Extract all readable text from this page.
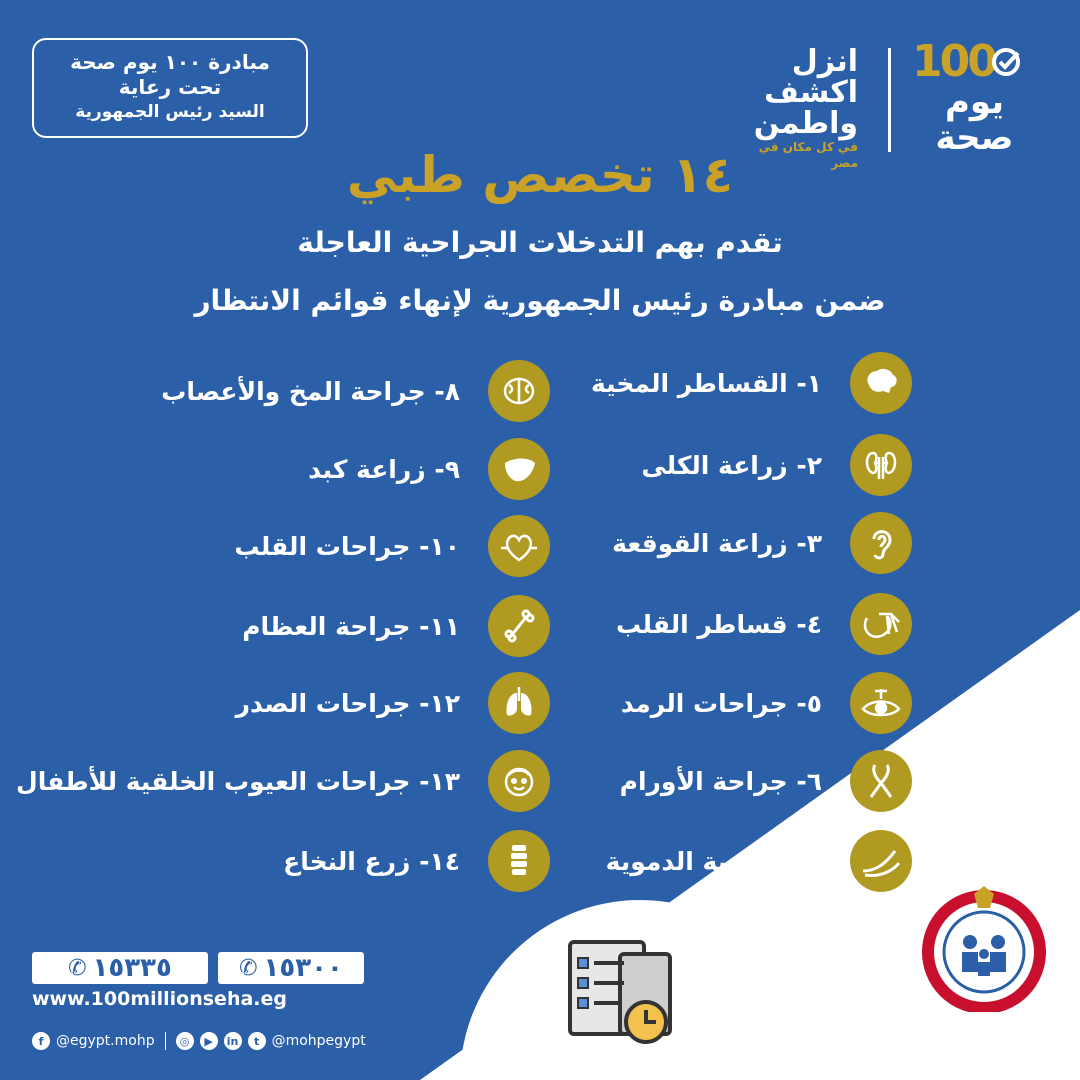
مبادرة ١٠٠ يوم صحة
تحت رعاية
السيد رئيس الجمهورية
انزل
اكشف
واطمن
في كل مكان في مصر
100
يوم
صحة
١٤ تخصص طبي
تقدم بهم التدخلات الجراحية العاجلة
ضمن مبادرة رئيس الجمهورية لإنهاء قوائم الانتظار
١- القساطر المخية
٢- زراعة الكلى
٣- زراعة القوقعة
٤- قساطر القلب
٥- جراحات الرمد
٦- جراحة الأورام
٧- الأوعية الدموية
٨- جراحة المخ والأعصاب
٩- زراعة كبد
١٠- جراحات القلب
١١- جراحة العظام
١٢- جراحات الصدر
١٣- جراحات العيوب الخلقية للأطفال
١٤- زرع النخاع
١٥٣٣٥
✆	١٥٣٠٠
✆
www.100millionseha.eg
f @egypt.mohp	◎	▶	in	t @mohpegypt
